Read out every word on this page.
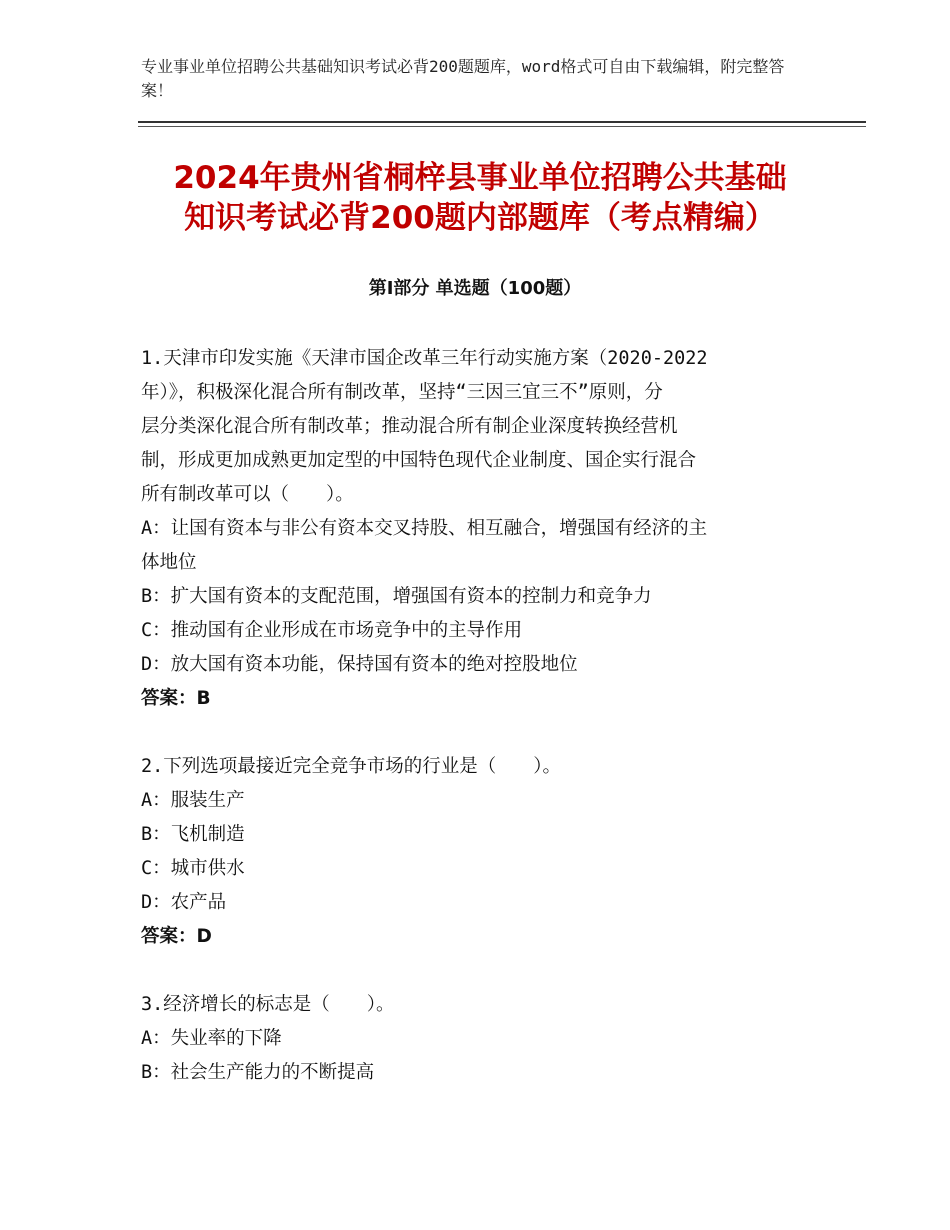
专业事业单位招聘公共基础知识考试必背200题题库，word格式可自由下载编辑，附完整答案！
2024年贵州省桐梓县事业单位招聘公共基础
知识考试必背200题内部题库（考点精编）
第Ⅰ部分 单选题（100题）
1.天津市印发实施《天津市国企改革三年行动实施方案（2020-2022
年）》，积极深化混合所有制改革，坚持“三因三宜三不”原则，分
层分类深化混合所有制改革；推动混合所有制企业深度转换经营机
制，形成更加成熟更加定型的中国特色现代企业制度、国企实行混合
所有制改革可以（　　）。
A：让国有资本与非公有资本交叉持股、相互融合，增强国有经济的主
体地位
B：扩大国有资本的支配范围，增强国有资本的控制力和竞争力
C：推动国有企业形成在市场竞争中的主导作用
D：放大国有资本功能，保持国有资本的绝对控股地位
答案：B
2.下列选项最接近完全竞争市场的行业是（　　）。
A：服装生产
B：飞机制造
C：城市供水
D：农产品
答案：D
3.经济增长的标志是（　　）。
A：失业率的下降
B：社会生产能力的不断提高
